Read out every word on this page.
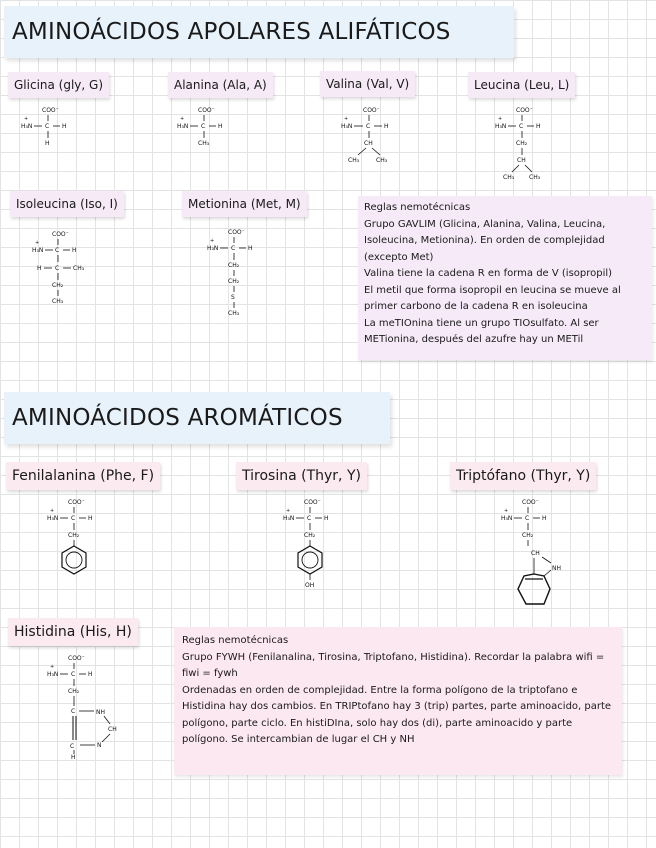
AMINOÁCIDOS APOLARES ALIFÁTICOS
Glicina (gly, G)	Alanina (Ala, A)	Valina (Val, V)	Leucina (Leu, L)
Isoleucina (Iso, I)	Metionina (Met, M)
COO⁻
+
H₃N C H
H
COO⁻
+
H₃N C H
CH₃
COO⁻
+
H₃N C H
CH
CH₃	CH₃
COO⁻
+
H₃N C H
CH₂
CH
CH₃ CH₃
COO⁻
+
H₃N C H
H C CH₃
CH₂
CH₃
COO⁻
+
H₃N C H
CH₂
CH₂
S
CH₃

Reglas nemotécnicas

Grupo GAVLIM (Glicina, Alanina, Valina, Leucina, Isoleucina, Metionina). En orden de complejidad (excepto Met)

Valina tiene la cadena R en forma de V (isopropil)

El metil que forma isopropil en leucina se mueve al primer carbono de la cadena R en isoleucina

La meTIOnina tiene un grupo TIOsulfato. Al ser METionina, después del azufre hay un METil

AMINOÁCIDOS AROMÁTICOS
Fenilalanina (Phe, F)	Tirosina (Thyr, Y)	Triptófano (Thyr, Y)
Histidina (His, H)
COO⁻
+
H₃N C H
CH₂
COO⁻
+
H₃N C H
CH₂
OH
COO⁻
+
H₃N C H
CH₂
CH
NH
COO⁻
+
H₃N C H
CH₂
C	NH
CH
N
C
H

Reglas nemotécnicas

Grupo FYWH (Fenilanalina, Tirosina, Triptofano, Histidina). Recordar la palabra wifi = fiwi = fywh

Ordenadas en orden de complejidad. Entre la forma polígono de la triptofano e Histidina hay dos cambios. En TRIPtofano hay 3 (trip) partes, parte aminoacido, parte polígono, parte ciclo. En histiDIna, solo hay dos (di), parte aminoacido y parte polígono. Se intercambian de lugar el CH y NH
